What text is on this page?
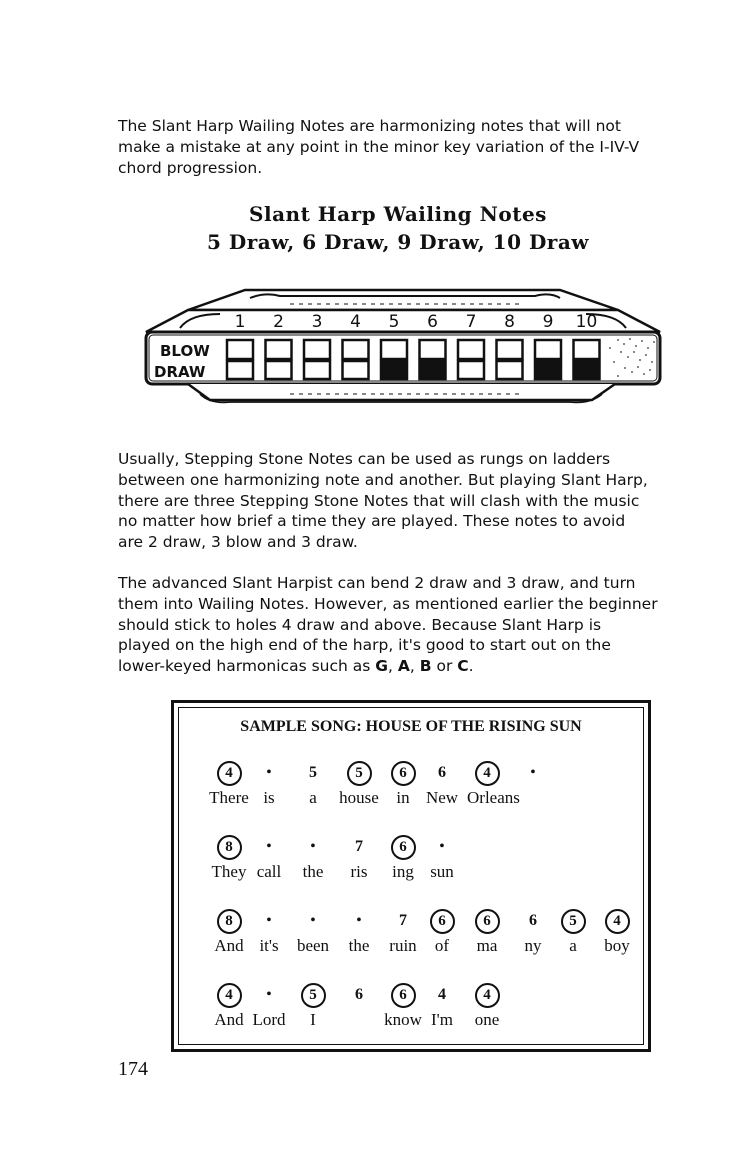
The Slant Harp Wailing Notes are harmonizing notes that will not
make a mistake at any point in the minor key variation of the I-IV-V
chord progression.
Slant Harp Wailing Notes
5 Draw, 6 Draw, 9 Draw, 10 Draw
BLOW
DRAW
1 2 3 4 5 6 7 8 9 10
Usually, Stepping Stone Notes can be used as rungs on ladders
between one harmonizing note and another. But playing Slant Harp,
there are three Stepping Stone Notes that will clash with the music
no matter how brief a time they are played. These notes to avoid
are 2 draw, 3 blow and 3 draw.
The advanced Slant Harpist can bend 2 draw and 3 draw, and turn
them into Wailing Notes. However, as mentioned earlier the beginner
should stick to holes 4 draw and above. Because Slant Harp is
played on the high end of the harp, it's good to start out on the
lower-keyed harmonicas such as G, A, B or C.
SAMPLE SONG: HOUSE OF THE RISING SUN
4
There
•
is
5
a
5
house
6
in
6
New
4
Orleans
•
8
They
•
call
•
the
7
ris
6
ing
•
sun
8
And
•
it's
•
been
•
the
7
ruin
6
of
6
ma
6
ny
5
a
4
boy
4
And
•
Lord
5
I
6	6
know
4
I'm
4
one
174
